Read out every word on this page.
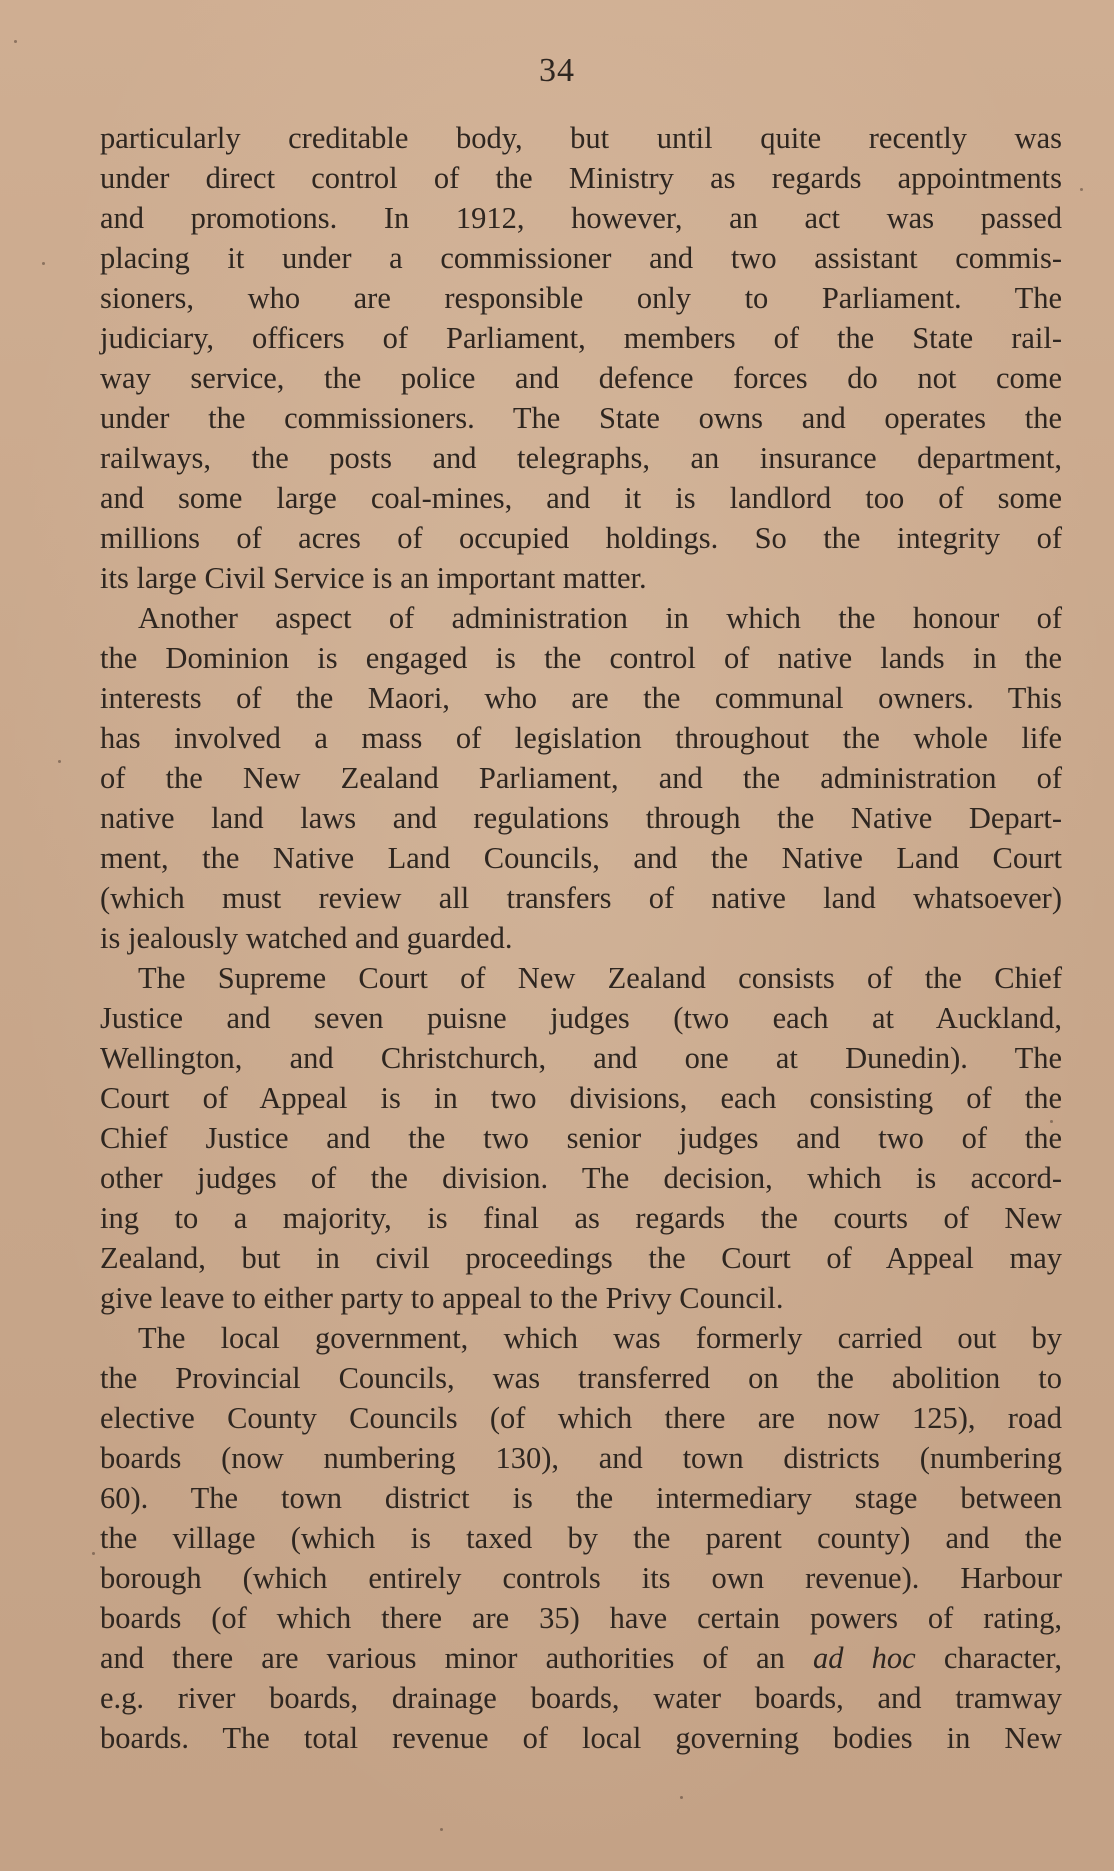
34
particularly creditable body, but until quite recently was
under direct control of the Ministry as regards appointments
and promotions. In 1912, however, an act was passed
placing it under a commissioner and two assistant commis-
sioners, who are responsible only to Parliament. The
judiciary, officers of Parliament, members of the State rail-
way service, the police and defence forces do not come
under the commissioners. The State owns and operates the
railways, the posts and telegraphs, an insurance department,
and some large coal-mines, and it is landlord too of some
millions of acres of occupied holdings. So the integrity of
its large Civil Service is an important matter.
Another aspect of administration in which the honour of
the Dominion is engaged is the control of native lands in the
interests of the Maori, who are the communal owners. This
has involved a mass of legislation throughout the whole life
of the New Zealand Parliament, and the administration of
native land laws and regulations through the Native Depart-
ment, the Native Land Councils, and the Native Land Court
(which must review all transfers of native land whatsoever)
is jealously watched and guarded.
The Supreme Court of New Zealand consists of the Chief
Justice and seven puisne judges (two each at Auckland,
Wellington, and Christchurch, and one at Dunedin). The
Court of Appeal is in two divisions, each consisting of the
Chief Justice and the two senior judges and two of the
other judges of the division. The decision, which is accord-
ing to a majority, is final as regards the courts of New
Zealand, but in civil proceedings the Court of Appeal may
give leave to either party to appeal to the Privy Council.
The local government, which was formerly carried out by
the Provincial Councils, was transferred on the abolition to
elective County Councils (of which there are now 125), road
boards (now numbering 130), and town districts (numbering
60). The town district is the intermediary stage between
the village (which is taxed by the parent county) and the
borough (which entirely controls its own revenue). Harbour
boards (of which there are 35) have certain powers of rating,
and there are various minor authorities of an ad hoc character,
e.g. river boards, drainage boards, water boards, and tramway
boards. The total revenue of local governing bodies in New
